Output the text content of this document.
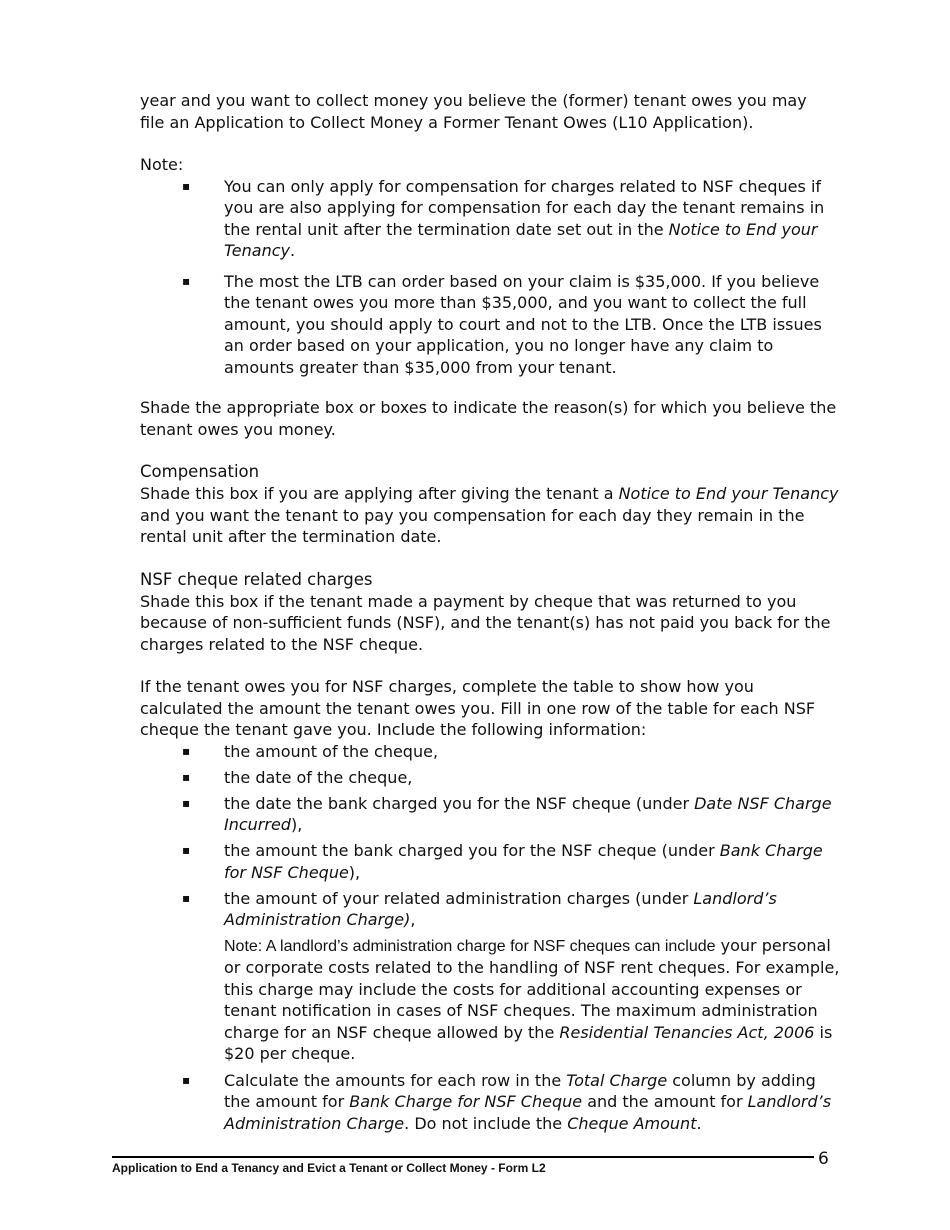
year and you want to collect money you believe the (former) tenant owes you may
file an Application to Collect Money a Former Tenant Owes (L10 Application).

Note:

▪ You can only apply for compensation for charges related to NSF cheques if you are also applying for compensation for each day the tenant remains in the rental unit after the termination date set out in the Notice to End your Tenancy.
▪ The most the LTB can order based on your claim is $35,000. If you believe the tenant owes you more than $35,000, and you want to collect the full amount, you should apply to court and not to the LTB. Once the LTB issues an order based on your application, you no longer have any claim to amounts greater than $35,000 from your tenant.

Shade the appropriate box or boxes to indicate the reason(s) for which you believe the tenant owes you money.

Compensation

Shade this box if you are applying after giving the tenant a Notice to End your Tenancy and you want the tenant to pay you compensation for each day they remain in the rental unit after the termination date.

NSF cheque related charges

Shade this box if the tenant made a payment by cheque that was returned to you because of non-sufficient funds (NSF), and the tenant(s) has not paid you back for the charges related to the NSF cheque.

If the tenant owes you for NSF charges, complete the table to show how you calculated the amount the tenant owes you. Fill in one row of the table for each NSF cheque the tenant gave you. Include the following information:

▪ the amount of the cheque,
▪ the date of the cheque,
▪ the date the bank charged you for the NSF cheque (under Date NSF Charge Incurred),
▪ the amount the bank charged you for the NSF cheque (under Bank Charge for NSF Cheque),
▪ the amount of your related administration charges (under Landlord’s Administration Charge),
Note: A landlord’s administration charge for NSF cheques can include your personal or corporate costs related to the handling of NSF rent cheques. For example, this charge may include the costs for additional accounting expenses or tenant notification in cases of NSF cheques. The maximum administration charge for an NSF cheque allowed by the Residential Tenancies Act, 2006 is $20 per cheque.
▪ Calculate the amounts for each row in the Total Charge column by adding the amount for Bank Charge for NSF Cheque and the amount for Landlord’s Administration Charge. Do not include the Cheque Amount.
Application to End a Tenancy and Evict a Tenant or Collect Money - Form L2	6
